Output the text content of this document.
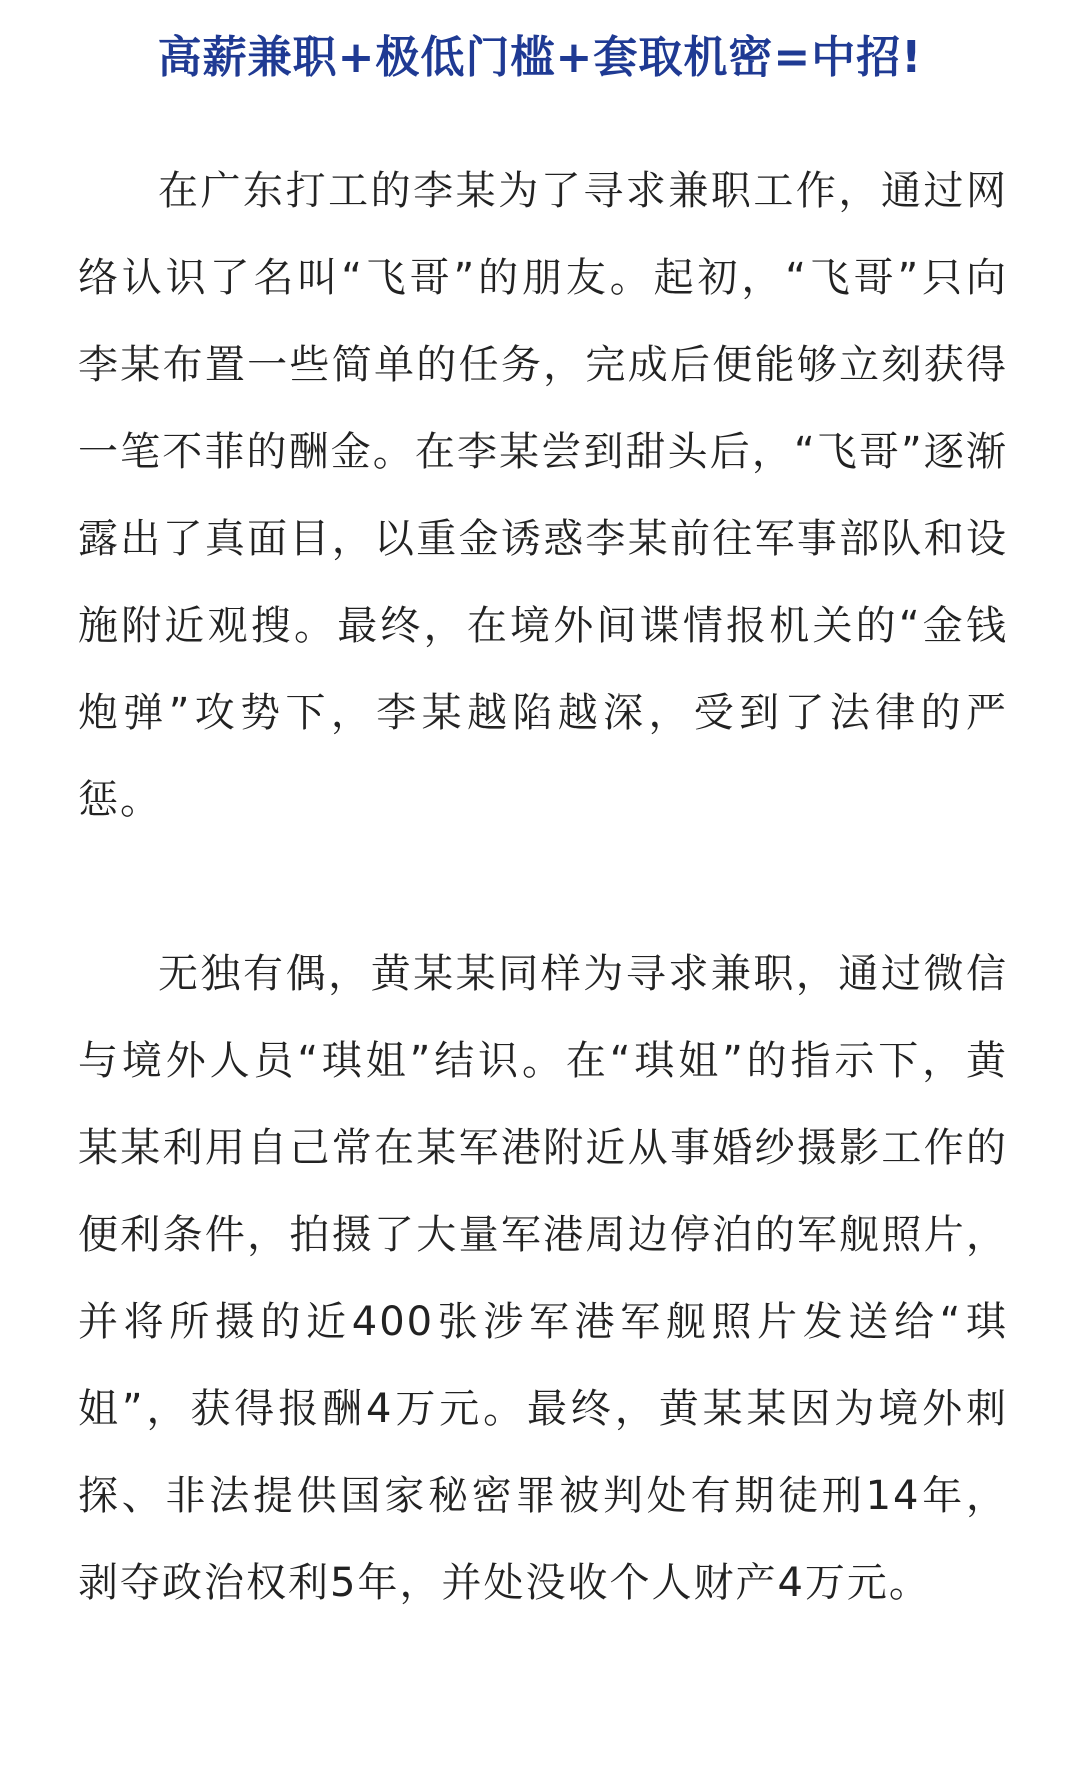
高薪兼职+极低门槛+套取机密=中招!

在广东打工的李某为了寻求兼职工作，通过网络认识了名叫“飞哥”的朋友。起初，“飞哥”只向李某布置一些简单的任务，完成后便能够立刻获得一笔不菲的酬金。在李某尝到甜头后，“飞哥”逐渐露出了真面目，以重金诱惑李某前往军事部队和设施附近观搜。最终，在境外间谍情报机关的“金钱炮弹”攻势下，李某越陷越深，受到了法律的严惩。

无独有偶，黄某某同样为寻求兼职，通过微信与境外人员“琪姐”结识。在“琪姐”的指示下，黄某某利用自己常在某军港附近从事婚纱摄影工作的便利条件，拍摄了大量军港周边停泊的军舰照片，并将所摄的近400张涉军港军舰照片发送给“琪姐”，获得报酬4万元。最终，黄某某因为境外刺探、非法提供国家秘密罪被判处有期徒刑14年，剥夺政治权利5年，并处没收个人财产4万元。
